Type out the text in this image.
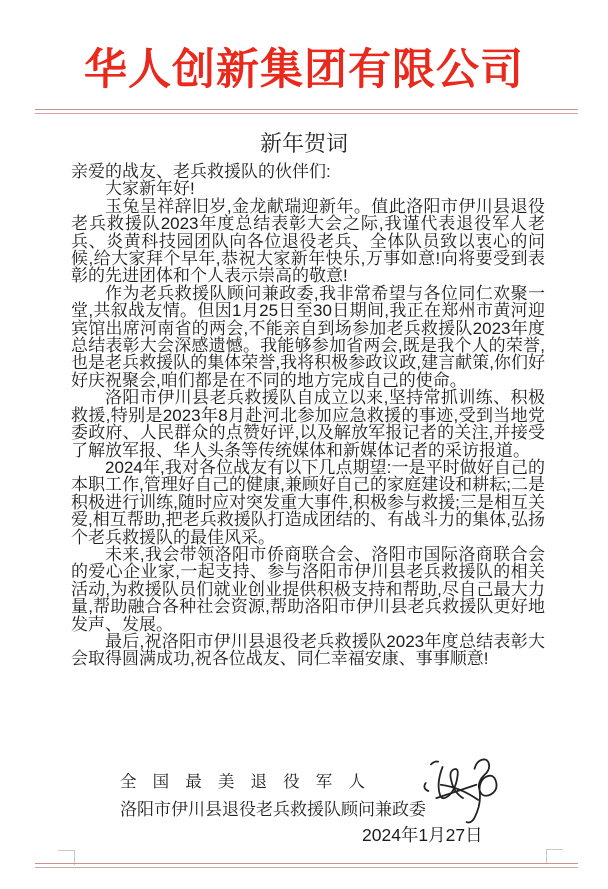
华人创新集团有限公司
新年贺词

亲爱的战友、老兵救援队的伙伴们:

大家新年好!

玉兔呈祥辞旧岁,金龙献瑞迎新年。值此洛阳市伊川县退役老兵救援队2023年度总结表彰大会之际,我谨代表退役军人老兵、炎黄科技园团队向各位退役老兵、全体队员致以衷心的问候,给大家拜个早年,恭祝大家新年快乐,万事如意!向将要受到表彰的先进团体和个人表示崇高的敬意!

作为老兵救援队顾问兼政委,我非常希望与各位同仁欢聚一堂,共叙战友情。但因1月25日至30日期间,我正在郑州市黄河迎宾馆出席河南省的两会,不能亲自到场参加老兵救援队2023年度总结表彰大会深感遗憾。我能够参加省两会,既是我个人的荣誉,也是老兵救援队的集体荣誉,我将积极参政议政,建言献策,你们好好庆祝聚会,咱们都是在不同的地方完成自己的使命。

洛阳市伊川县老兵救援队自成立以来,坚持常抓训练、积极救援,特别是2023年8月赴河北参加应急救援的事迹,受到当地党委政府、人民群众的点赞好评,以及解放军报记者的关注,并接受了解放军报、华人头条等传统媒体和新媒体记者的采访报道。

2024年,我对各位战友有以下几点期望:一是平时做好自己的本职工作,管理好自己的健康,兼顾好自己的家庭建设和耕耘;二是积极进行训练,随时应对突发重大事件,积极参与救援;三是相互关爱,相互帮助,把老兵救援队打造成团结的、有战斗力的集体,弘扬个老兵救援队的最佳风采。

未来,我会带领洛阳市侨商联合会、洛阳市国际洛商联合会的爱心企业家,一起支持、参与洛阳市伊川县老兵救援队的相关活动,为救援队员们就业创业提供积极支持和帮助,尽自己最大力量,帮助融合各种社会资源,帮助洛阳市伊川县老兵救援队更好地发声、发展。

最后,祝洛阳市伊川县退役老兵救援队2023年度总结表彰大会取得圆满成功,祝各位战友、同仁幸福安康、事事顺意!

全 国 最 美 退 役 军 人
洛阳市伊川县退役老兵救援队顾问兼政委
2024年1月27日
